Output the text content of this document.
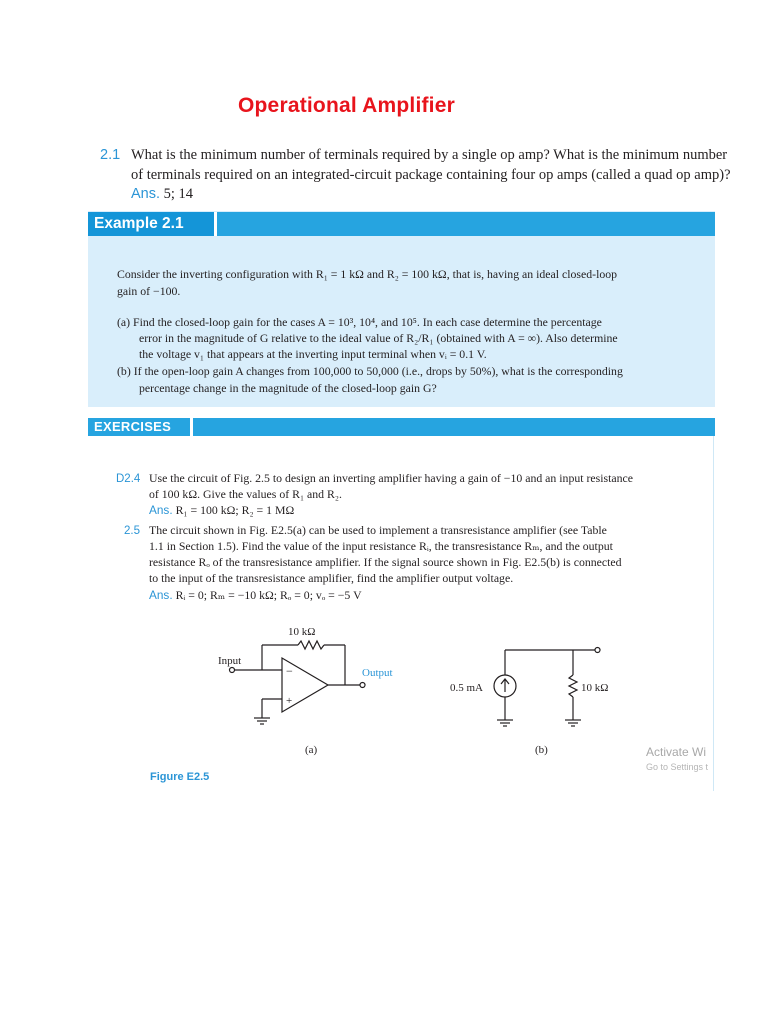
Operational Amplifier
2.1 What is the minimum number of terminals required by a single op amp? What is the minimum number
of terminals required on an integrated-circuit package containing four op amps (called a quad op amp)?
Ans. 5; 14
Example 2.1
Consider the inverting configuration with R₁ = 1 kΩ and R₂ = 100 kΩ, that is, having an ideal closed-loop
gain of −100.
(a) Find the closed-loop gain for the cases A = 10³, 10⁴, and 10⁵. In each case determine the percentage
error in the magnitude of G relative to the ideal value of R₂/R₁ (obtained with A = ∞). Also determine
the voltage v₁ that appears at the inverting input terminal when vᵢ = 0.1 V.
(b) If the open-loop gain A changes from 100,000 to 50,000 (i.e., drops by 50%), what is the corresponding
percentage change in the magnitude of the closed-loop gain G?
EXERCISES
D2.4 Use the circuit of Fig. 2.5 to design an inverting amplifier having a gain of −10 and an input resistance
of 100 kΩ. Give the values of R₁ and R₂.
Ans. R₁ = 100 kΩ; R₂ = 1 MΩ
2.5 The circuit shown in Fig. E2.5(a) can be used to implement a transresistance amplifier (see Table
1.1 in Section 1.5). Find the value of the input resistance Rᵢ, the transresistance Rₘ, and the output
resistance Rₒ of the transresistance amplifier. If the signal source shown in Fig. E2.5(b) is connected
to the input of the transresistance amplifier, find the amplifier output voltage.
Ans. Rᵢ = 0; Rₘ = −10 kΩ; Rₒ = 0; vₒ = −5 V
10 kΩ
Input
Output
−
+
0.5 mA	10 kΩ
(a)	(b)
Figure E2.5
Activate Wi
Go to Settings t
